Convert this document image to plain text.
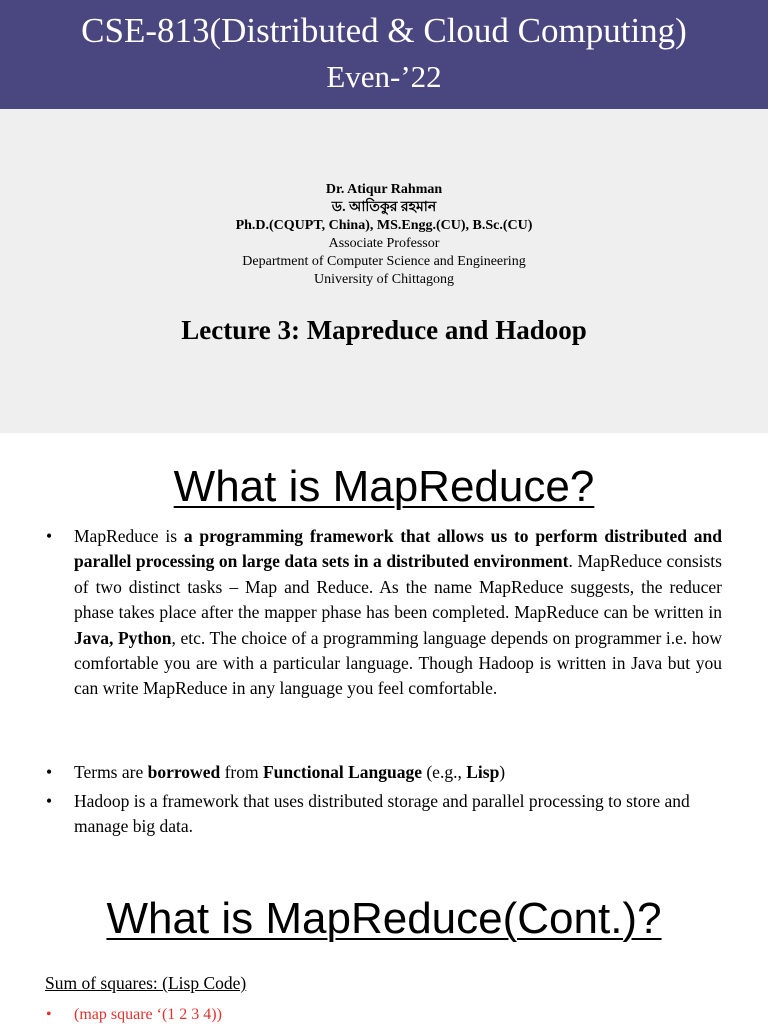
CSE-813(Distributed & Cloud Computing)
Even-’22
Dr. Atiqur Rahman
ড. আতিকুর রহমান
Ph.D.(CQUPT, China), MS.Engg.(CU), B.Sc.(CU)
Associate Professor
Department of Computer Science and Engineering
University of Chittagong
Lecture 3: Mapreduce and Hadoop
What is MapReduce?
• MapReduce is a programming framework that allows us to perform distributed and parallel processing on large data sets in a distributed environment. MapReduce consists of two distinct tasks – Map and Reduce. As the name MapReduce suggests, the reducer phase takes place after the mapper phase has been completed. MapReduce can be written in Java, Python, etc. The choice of a programming language depends on programmer i.e. how comfortable you are with a particular language. Though Hadoop is written in Java but you can write MapReduce in any language you feel comfortable.
• Terms are borrowed from Functional Language (e.g., Lisp)
• Hadoop is a framework that uses distributed storage and parallel processing to store and manage big data.
What is MapReduce(Cont.)?
Sum of squares: (Lisp Code)
• (map square ‘(1 2 3 4))
